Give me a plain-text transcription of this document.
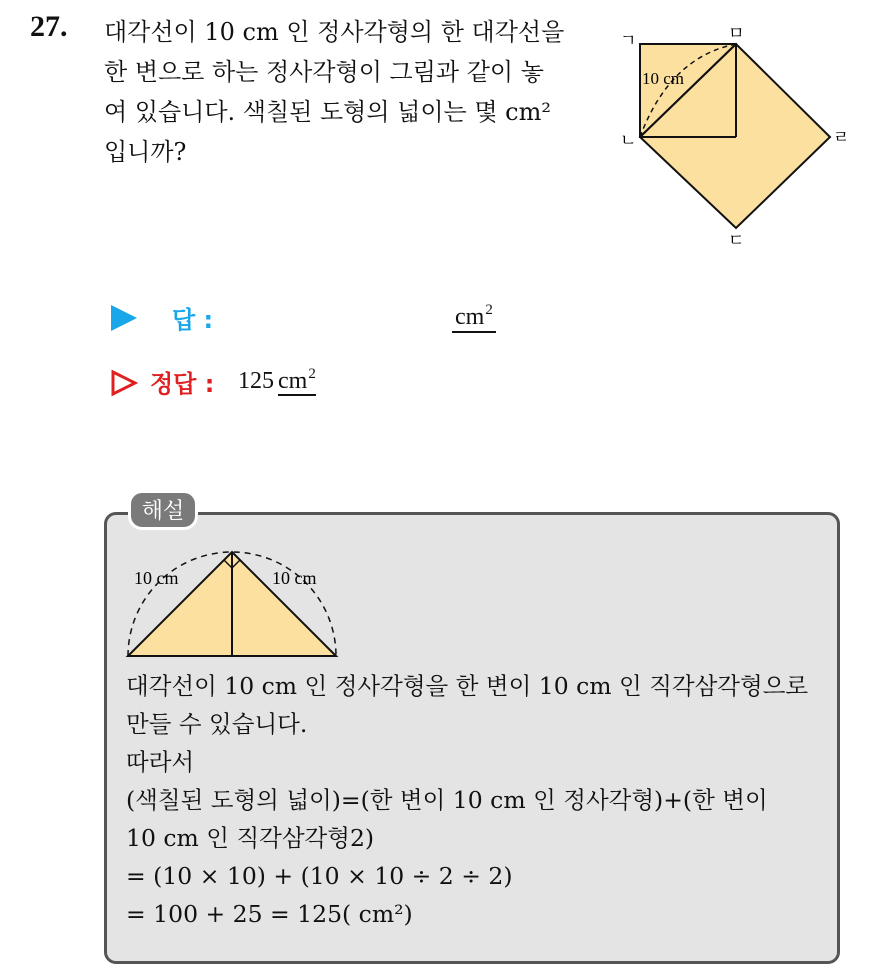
27. 대각선이 10 cm 인 정사각형의 한 대각선을
한 변으로 하는 정사각형이 그림과 같이 놓
여 있습니다. 색칠된 도형의 넓이는 몇 cm²
입니까?
ㄱ	ㅁ
ㄴ	ㄹ
ㄷ
10 cm
답 :	$cm^2$
정답 : 125 $cm^2$
해설
10 cm	10 cm
대각선이 10 cm 인 정사각형을 한 변이 10 cm 인 직각삼각형으로
만들 수 있습니다.
따라서
(색칠된 도형의 넓이)=(한 변이 10 cm 인 정사각형)+(한 변이
10 cm 인 직각삼각형2)
= (10 × 10) + (10 × 10 ÷ 2 ÷ 2)
= 100 + 25 = 125( cm²)
